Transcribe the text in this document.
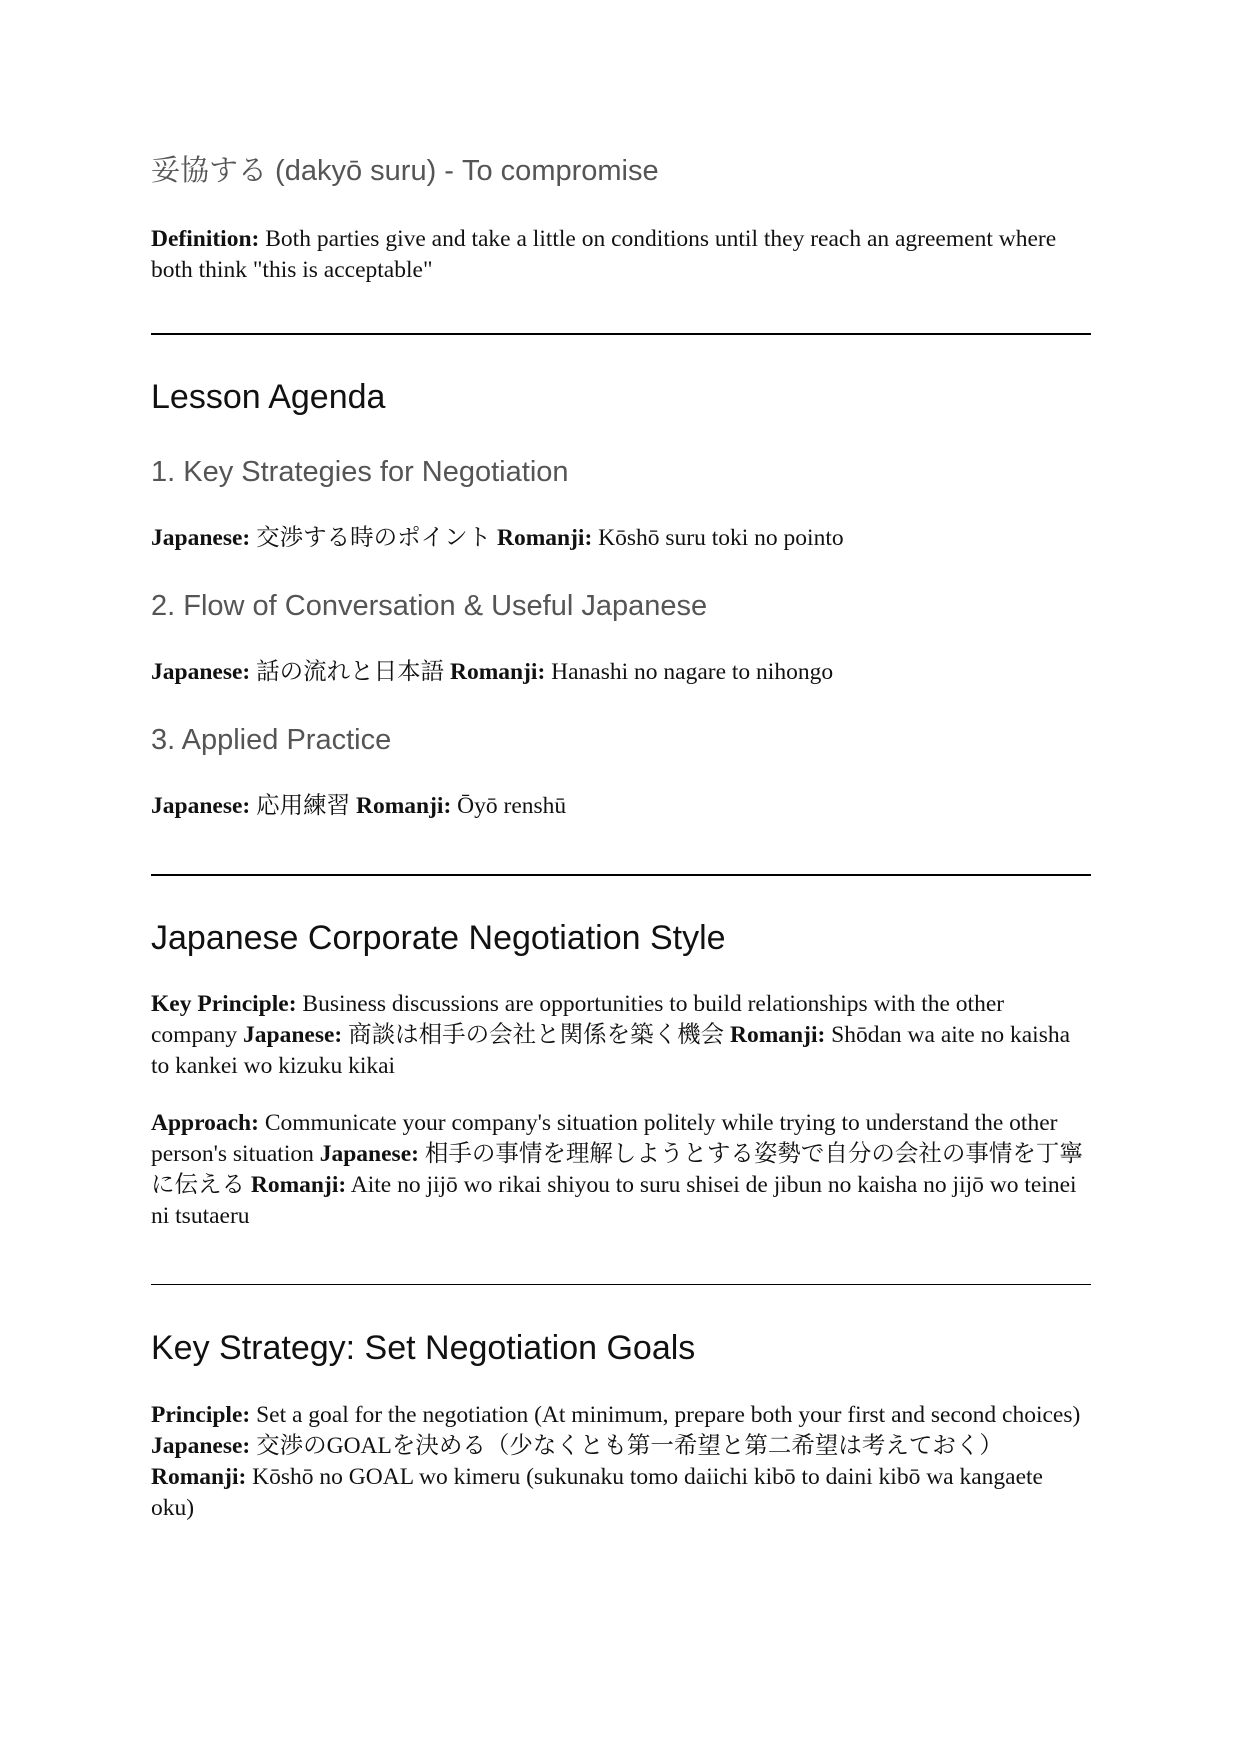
妥協する (dakyō suru) - To compromise
Definition: Both parties give and take a little on conditions until they reach an agreement where both think "this is acceptable"
Lesson Agenda
1. Key Strategies for Negotiation
Japanese: 交渉する時のポイント Romanji: Kōshō suru toki no pointo
2. Flow of Conversation & Useful Japanese
Japanese: 話の流れと日本語 Romanji: Hanashi no nagare to nihongo
3. Applied Practice
Japanese: 応用練習 Romanji: Ōyō renshū
Japanese Corporate Negotiation Style
Key Principle: Business discussions are opportunities to build relationships with the other company Japanese: 商談は相手の会社と関係を築く機会 Romanji: Shōdan wa aite no kaisha to kankei wo kizuku kikai
Approach: Communicate your company's situation politely while trying to understand the other person's situation Japanese: 相手の事情を理解しようとする姿勢で自分の会社の事情を丁寧に伝える Romanji: Aite no jijō wo rikai shiyou to suru shisei de jibun no kaisha no jijō wo teinei ni tsutaeru
Key Strategy: Set Negotiation Goals
Principle: Set a goal for the negotiation (At minimum, prepare both your first and second choices) Japanese: 交渉のGOALを決める（少なくとも第一希望と第二希望は考えておく） Romanji: Kōshō no GOAL wo kimeru (sukunaku tomo daiichi kibō to daini kibō wa kangaete oku)
